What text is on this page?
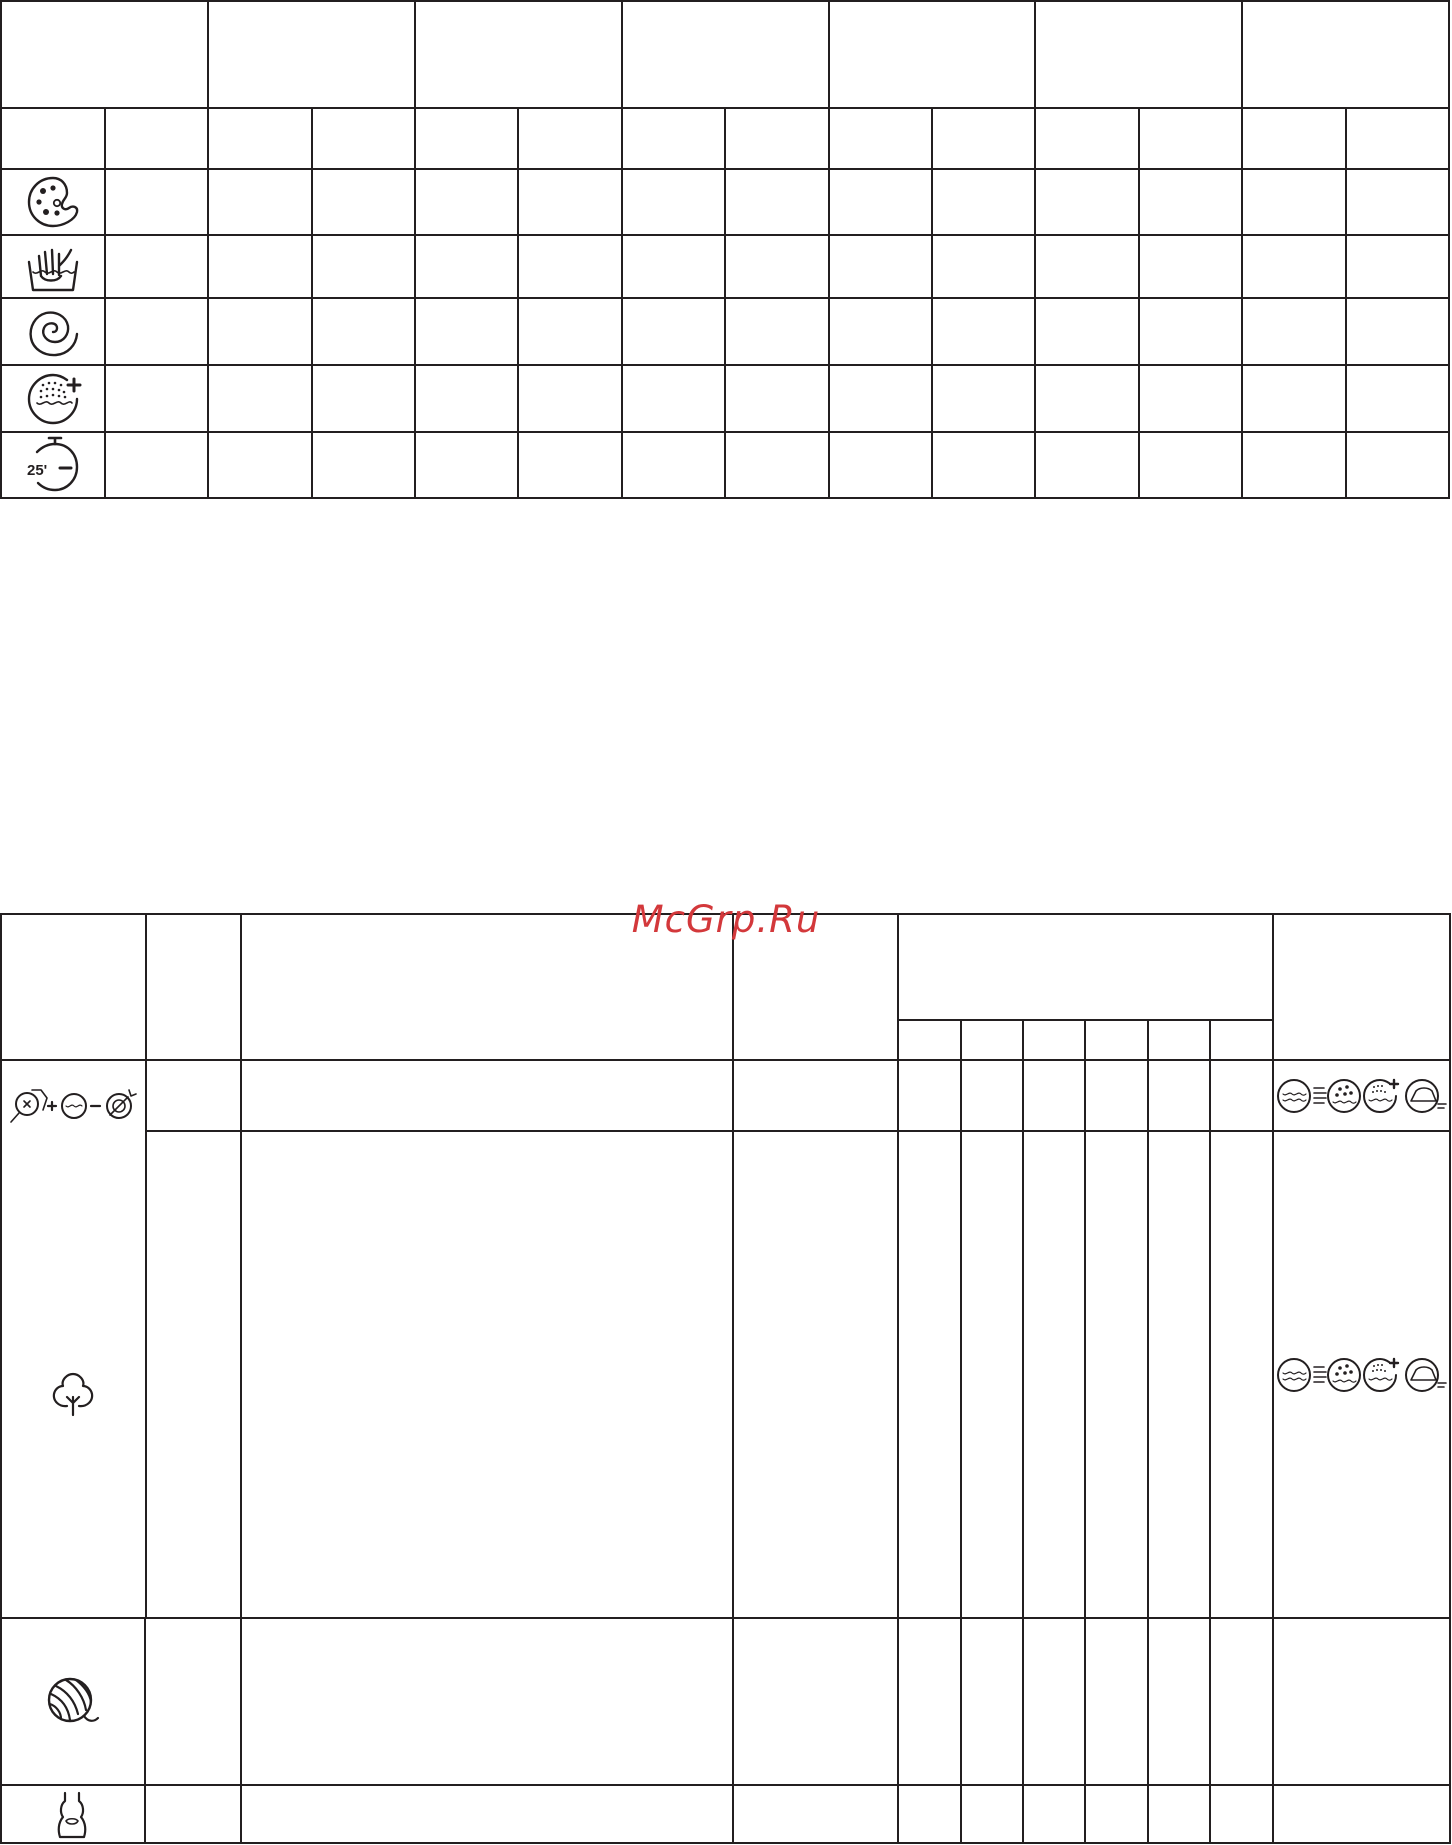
25'
McGrp.Ru
